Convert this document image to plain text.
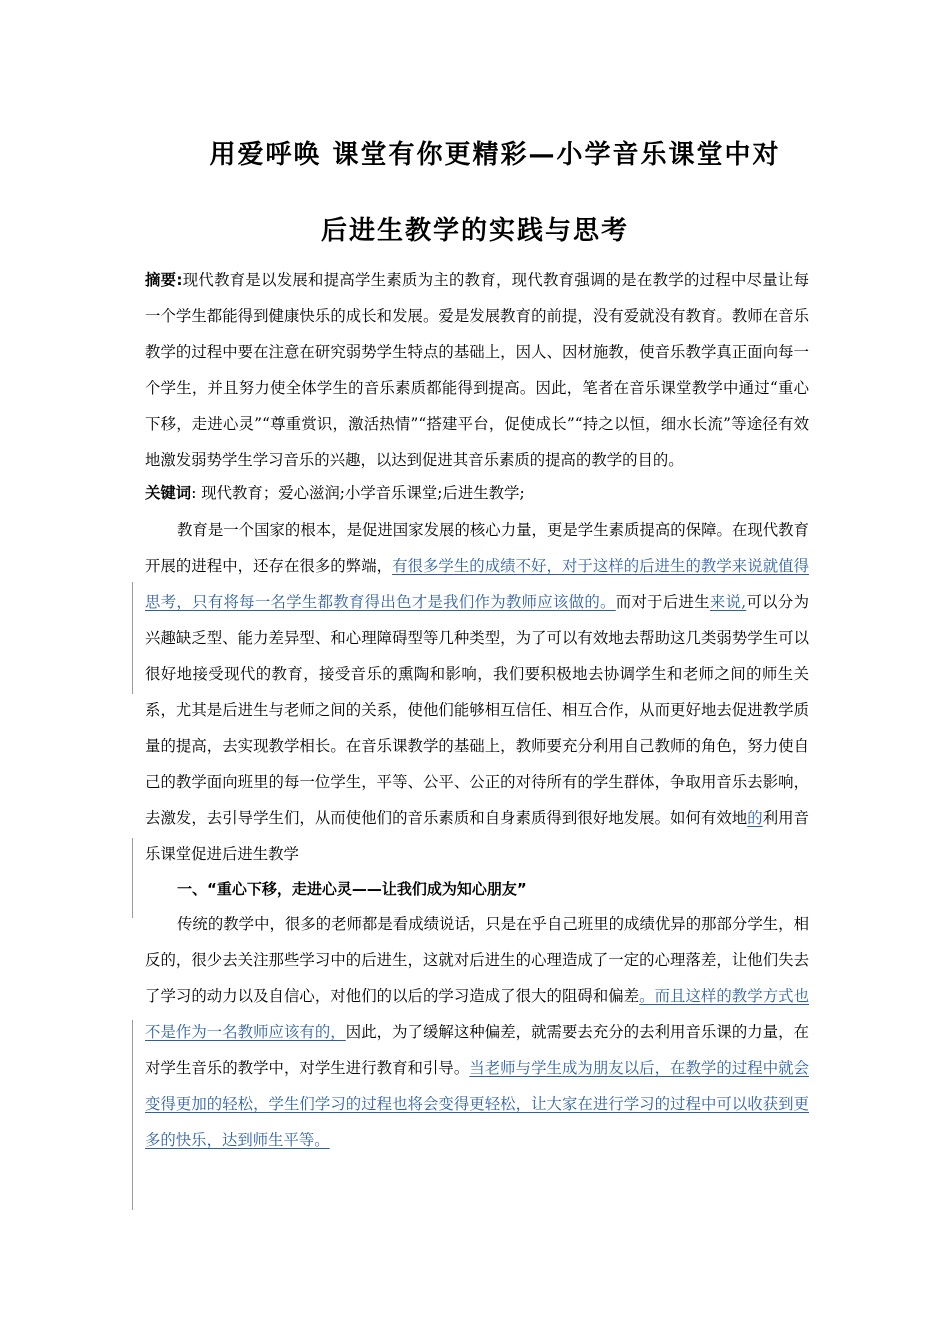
用爱呼唤 课堂有你更精彩—小学音乐课堂中对
后进生教学的实践与思考

摘要:现代教育是以发展和提高学生素质为主的教育，现代教育强调的是在教学的过程中尽量让每一个学生都能得到健康快乐的成长和发展。爱是发展教育的前提，没有爱就没有教育。教师在音乐教学的过程中要在注意在研究弱势学生特点的基础上，因人、因材施教，使音乐教学真正面向每一个学生，并且努力使全体学生的音乐素质都能得到提高。因此，笔者在音乐课堂教学中通过“重心下移，走进心灵”“尊重赏识，激活热情”“搭建平台，促使成长”“持之以恒，细水长流”等途径有效地激发弱势学生学习音乐的兴趣，以达到促进其音乐素质的提高的教学的目的。

关键词: 现代教育；爱心滋润;小学音乐课堂;后进生教学;

教育是一个国家的根本，是促进国家发展的核心力量，更是学生素质提高的保障。在现代教育开展的进程中，还存在很多的弊端，有很多学生的成绩不好，对于这样的后进生的教学来说就值得思考，只有将每一名学生都教育得出色才是我们作为教师应该做的。而对于后进生来说,可以分为兴趣缺乏型、能力差异型、和心理障碍型等几种类型，为了可以有效地去帮助这几类弱势学生可以很好地接受现代的教育，接受音乐的熏陶和影响，我们要积极地去协调学生和老师之间的师生关系，尤其是后进生与老师之间的关系，使他们能够相互信任、相互合作，从而更好地去促进教学质量的提高，去实现教学相长。在音乐课教学的基础上，教师要充分利用自己教师的角色，努力使自己的教学面向班里的每一位学生，平等、公平、公正的对待所有的学生群体，争取用音乐去影响，去激发，去引导学生们，从而使他们的音乐素质和自身素质得到很好地发展。如何有效地的利用音乐课堂促进后进生教学

一、“重心下移，走进心灵——让我们成为知心朋友”

传统的教学中，很多的老师都是看成绩说话，只是在乎自己班里的成绩优异的那部分学生，相反的，很少去关注那些学习中的后进生，这就对后进生的心理造成了一定的心理落差，让他们失去了学习的动力以及自信心，对他们的以后的学习造成了很大的阻碍和偏差。而且这样的教学方式也不是作为一名教师应该有的，因此，为了缓解这种偏差，就需要去充分的去利用音乐课的力量，在对学生音乐的教学中，对学生进行教育和引导。当老师与学生成为朋友以后，在教学的过程中就会变得更加的轻松，学生们学习的过程也将会变得更轻松，让大家在进行学习的过程中可以收获到更多的快乐，达到师生平等。
